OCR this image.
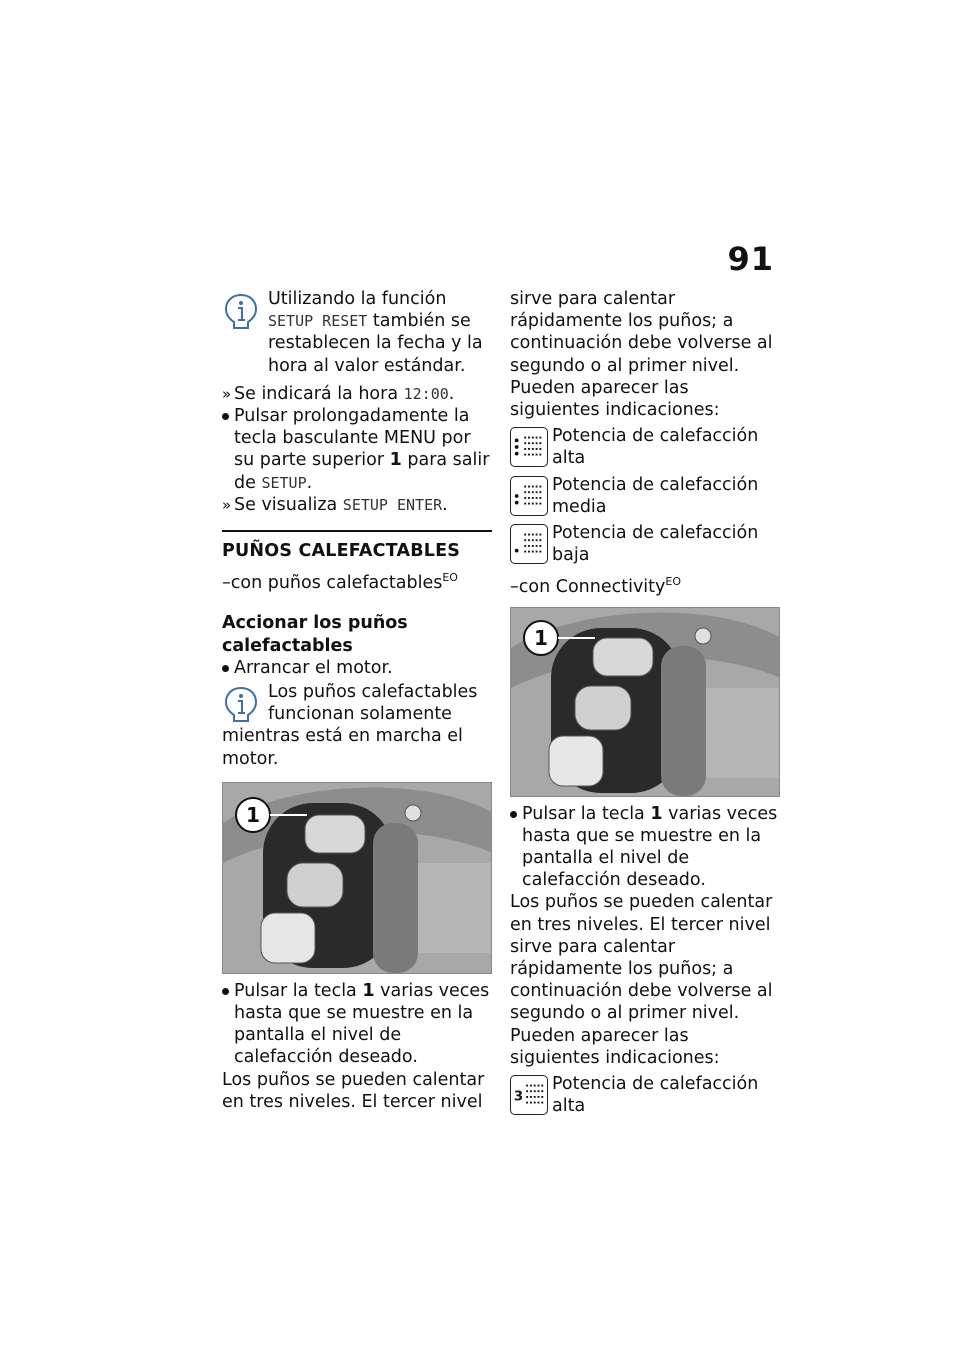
91
Utilizando la función
SETUP RESET también se restablecen la fecha y la hora al valor estándar.
» Se indicará la hora 12:00.
Pulsar prolongadamente la tecla basculante MENU por su parte superior 1 para salir de SETUP.
» Se visualiza SETUP ENTER.
PUÑOS CALEFACTABLES
–con puños calefactables$^{EO}$
Accionar los puños calefactables
Arrancar el motor.
Los puños calefactables
funcionan solamente
mientras está en marcha el motor.
1
Pulsar la tecla 1 varias veces hasta que se muestre en la pantalla el nivel de calefacción deseado.
Los puños se pueden calentar en tres niveles. El tercer nivel
sirve para calentar rápidamente los puños; a continuación debe volverse al segundo o al primer nivel. Pueden aparecer las siguientes indicaciones:
Potencia de calefacción alta
Potencia de calefacción media
Potencia de calefacción baja
–con Connectivity$^{EO}$
1
Pulsar la tecla 1 varias veces hasta que se muestre en la pantalla el nivel de calefacción deseado.
Los puños se pueden calentar en tres niveles. El tercer nivel sirve para calentar rápidamente los puños; a continuación debe volverse al segundo o al primer nivel. Pueden aparecer las siguientes indicaciones:
3
Potencia de calefacción alta
